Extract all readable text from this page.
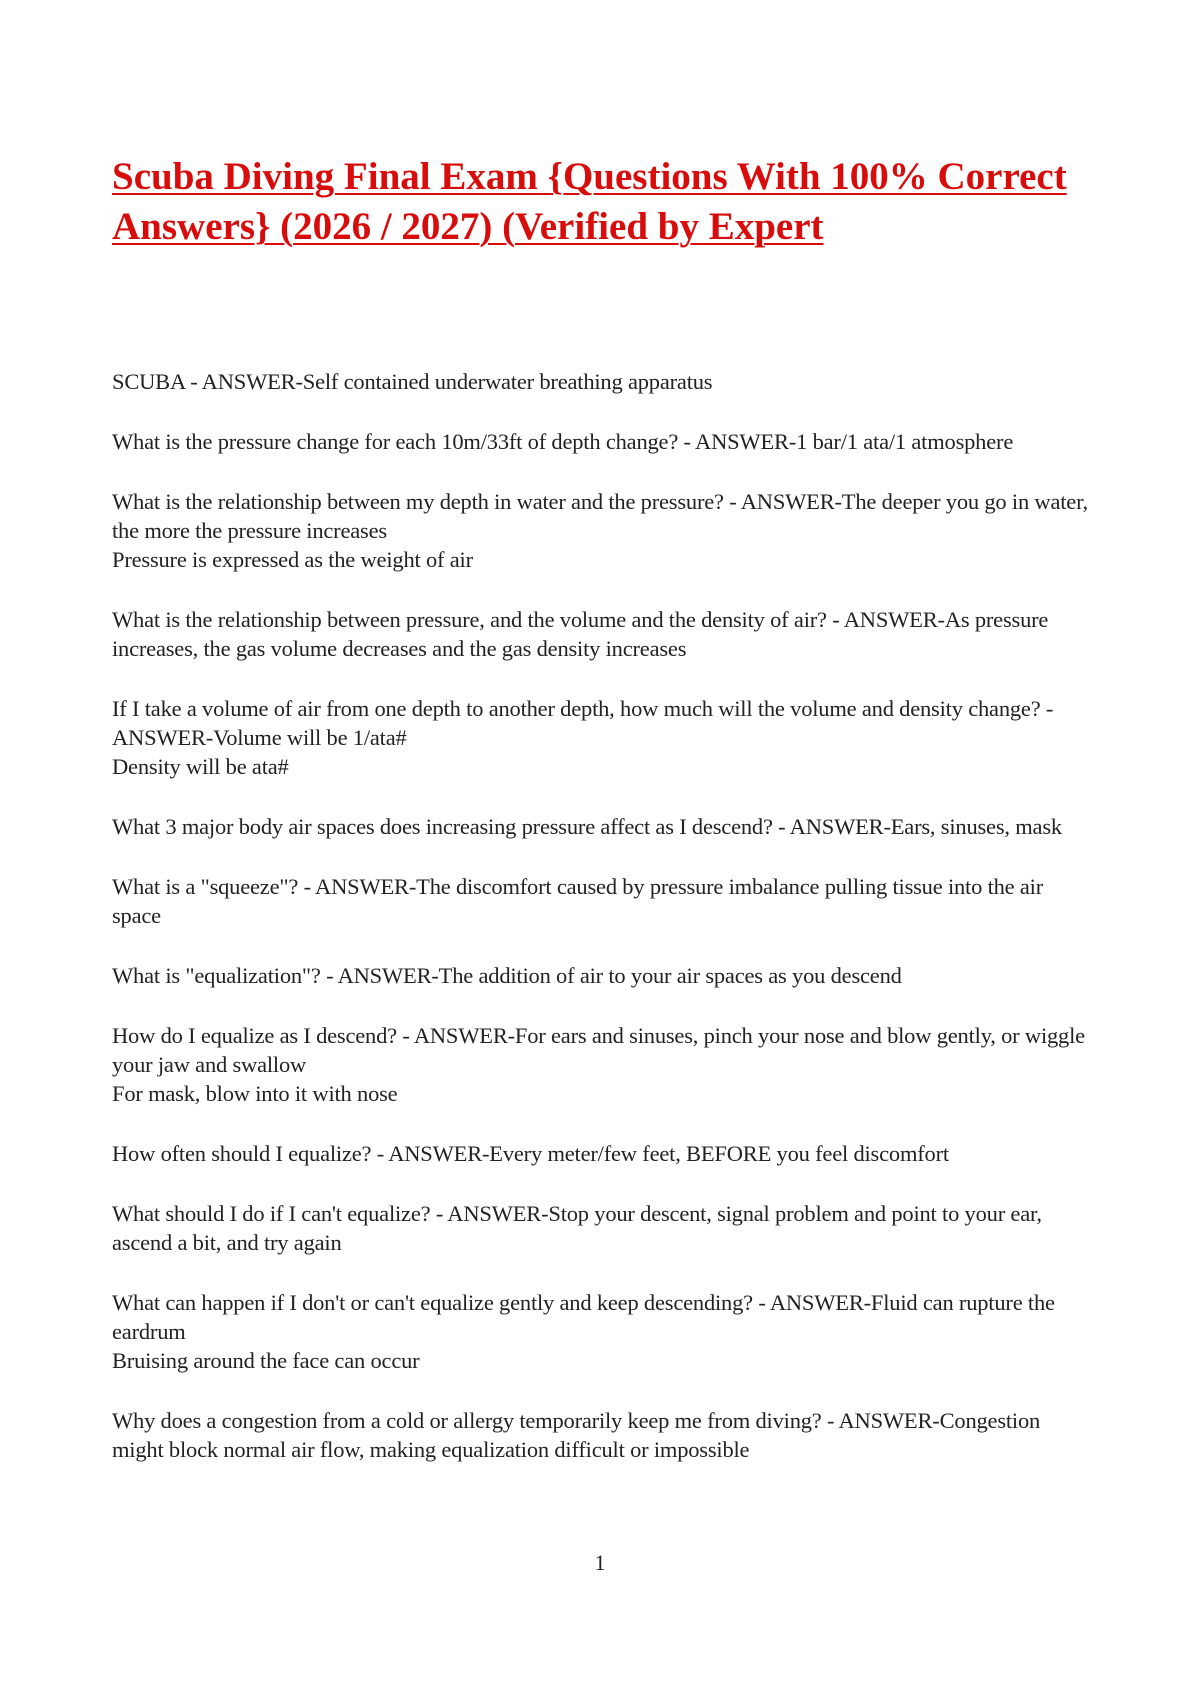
Scuba Diving Final Exam {Questions With 100% Correct Answers} (2026 / 2027) (Verified by Expert

SCUBA - ANSWER-Self contained underwater breathing apparatus

What is the pressure change for each 10m/33ft of depth change? - ANSWER-1 bar/1 ata/1 atmosphere

What is the relationship between my depth in water and the pressure? - ANSWER-The deeper you go in water, the more the pressure increases
Pressure is expressed as the weight of air

What is the relationship between pressure, and the volume and the density of air? - ANSWER-As pressure increases, the gas volume decreases and the gas density increases

If I take a volume of air from one depth to another depth, how much will the volume and density change? - ANSWER-Volume will be 1/ata#
Density will be ata#

What 3 major body air spaces does increasing pressure affect as I descend? - ANSWER-Ears, sinuses, mask

What is a "squeeze"? - ANSWER-The discomfort caused by pressure imbalance pulling tissue into the air space

What is "equalization"? - ANSWER-The addition of air to your air spaces as you descend

How do I equalize as I descend? - ANSWER-For ears and sinuses, pinch your nose and blow gently, or wiggle your jaw and swallow
For mask, blow into it with nose

How often should I equalize? - ANSWER-Every meter/few feet, BEFORE you feel discomfort

What should I do if I can't equalize? - ANSWER-Stop your descent, signal problem and point to your ear, ascend a bit, and try again

What can happen if I don't or can't equalize gently and keep descending? - ANSWER-Fluid can rupture the eardrum
Bruising around the face can occur

Why does a congestion from a cold or allergy temporarily keep me from diving? - ANSWER-Congestion might block normal air flow, making equalization difficult or impossible

1
